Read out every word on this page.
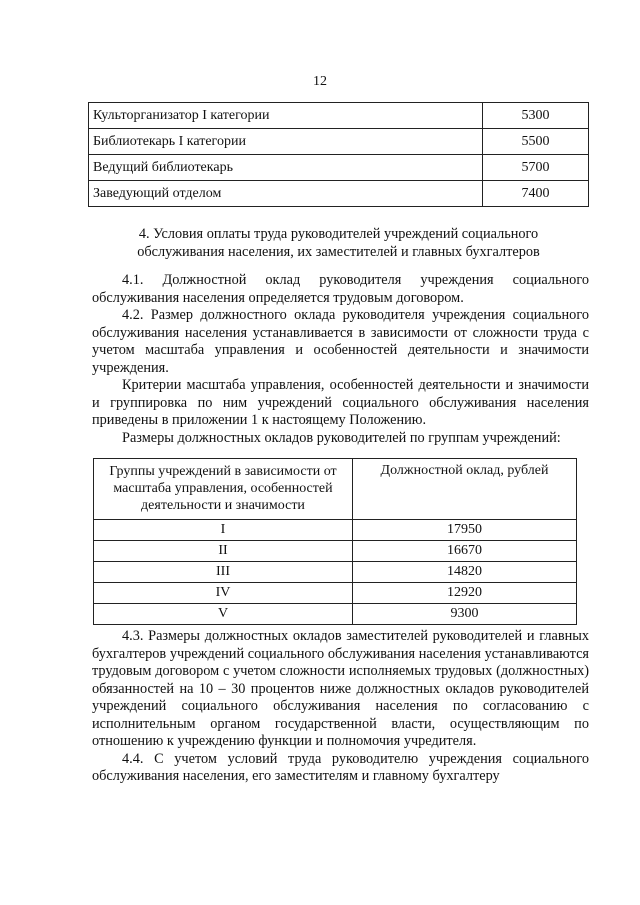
12
Культорганизатор I категории	5300
Библиотекарь I категории	5500
Ведущий библиотекарь	5700
Заведующий отделом	7400
4. Условия оплаты труда руководителей учреждений социального
обслуживания населения, их заместителей и главных бухгалтеров

4.1. Должностной оклад руководителя учреждения социального обслуживания населения определяется трудовым договором.

4.2. Размер должностного оклада руководителя учреждения социального обслуживания населения устанавливается в зависимости от сложности труда с учетом масштаба управления и особенностей деятельности и значимости учреждения.

Критерии масштаба управления, особенностей деятельности и значимости и группировка по ним учреждений социального обслуживания населения приведены в приложении 1 к настоящему Положению.

Размеры должностных окладов руководителей по группам учреждений:

Группы учреждений в зависимости от масштаба управления, особенностей деятельности и значимости	Должностной оклад, рублей
I	17950
II	16670
III	14820
IV	12920
V	9300

4.3. Размеры должностных окладов заместителей руководителей и главных бухгалтеров учреждений социального обслуживания населения устанавливаются трудовым договором с учетом сложности исполняемых трудовых (должностных) обязанностей на 10 – 30 процентов ниже должностных окладов руководителей учреждений социального обслуживания населения по согласованию с исполнительным органом государственной власти, осуществляющим по отношению к учреждению функции и полномочия учредителя.

4.4. С учетом условий труда руководителю учреждения социального обслуживания населения, его заместителям и главному бухгалтеру
